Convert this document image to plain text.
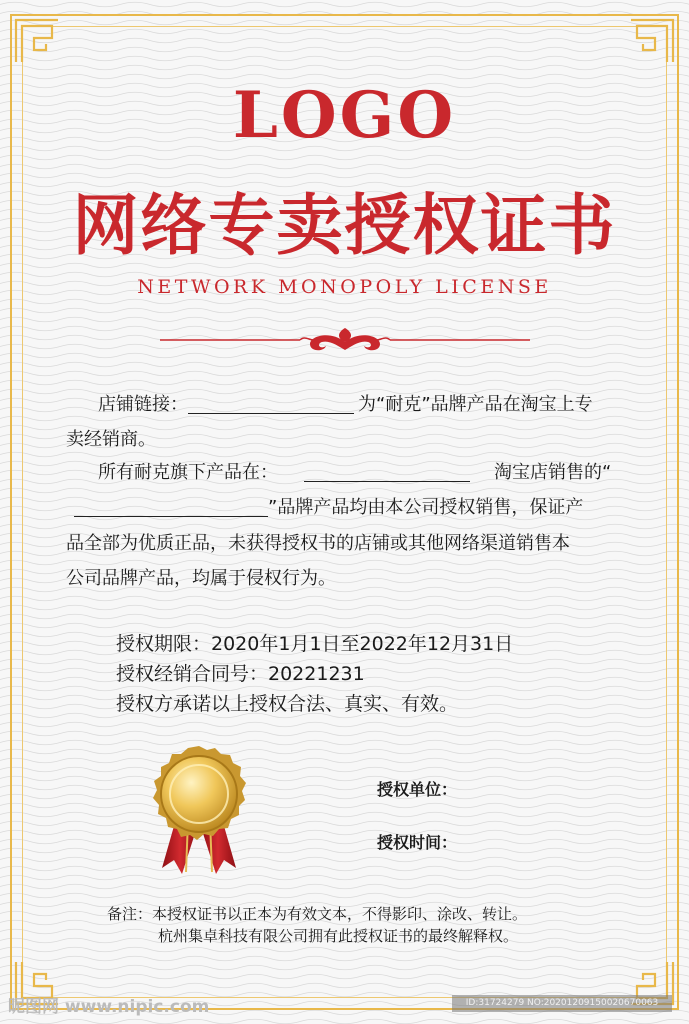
LOGO
网络专卖授权证书
NETWORK MONOPOLY LICENSE
店铺链接：	为“耐克”品牌产品在淘宝上专
卖经销商。
所有耐克旗下产品在：	淘宝店销售的“
”品牌产品均由本公司授权销售，保证产
品全部为优质正品，未获得授权书的店铺或其他网络渠道销售本
公司品牌产品，均属于侵权行为。
授权期限：2020年1月1日至2022年12月31日
授权经销合同号：20221231
授权方承诺以上授权合法、真实、有效。
授权单位：
授权时间：
备注：本授权证书以正本为有效文本，不得影印、涂改、转让。
杭州集卓科技有限公司拥有此授权证书的最终解释权。
昵图网 www.nipic.com	ID:31724279 NO:20201209150020670063
